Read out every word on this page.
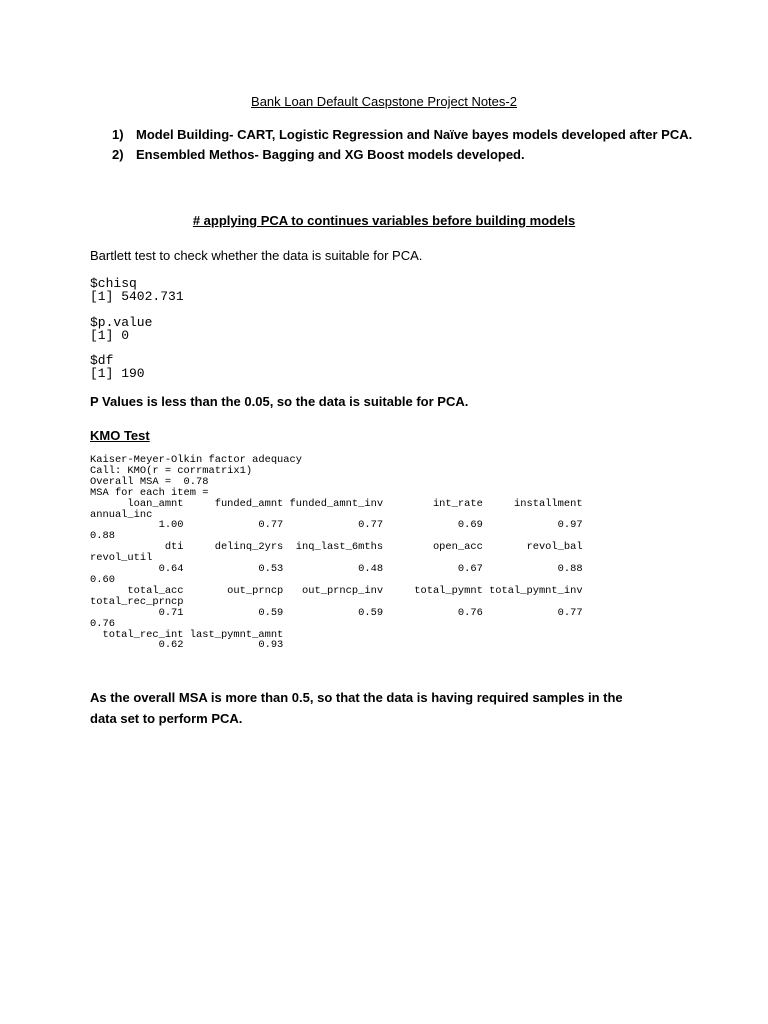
Bank Loan Default Caspstone Project Notes-2
1) Model Building- CART, Logistic Regression and Naïve bayes models developed after PCA.
2) Ensembled Methos- Bagging and XG Boost models developed.
# applying PCA to continues variables before building models
Bartlett test to check whether the data is suitable for PCA.
$chisq
[1] 5402.731
$p.value
[1] 0
$df
[1] 190
P Values is less than the 0.05, so the data is suitable for PCA.
KMO Test
Kaiser-Meyer-Olkin factor adequacy
Call: KMO(r = corrmatrix1)
Overall MSA =  0.78
MSA for each item =
loan_amnt     funded_amnt funded_amnt_inv        int_rate     installment
annual_inc
1.00            0.77            0.77            0.69            0.97
0.88
dti     delinq_2yrs  inq_last_6mths        open_acc       revol_bal
revol_util
0.64            0.53            0.48            0.67            0.88
0.60
total_acc       out_prncp   out_prncp_inv     total_pymnt total_pymnt_inv
total_rec_prncp
0.71            0.59            0.59            0.76            0.77
0.76
total_rec_int last_pymnt_amnt
0.62            0.93
As the overall MSA is more than 0.5, so that the data is having required samples in the data set to perform PCA.
